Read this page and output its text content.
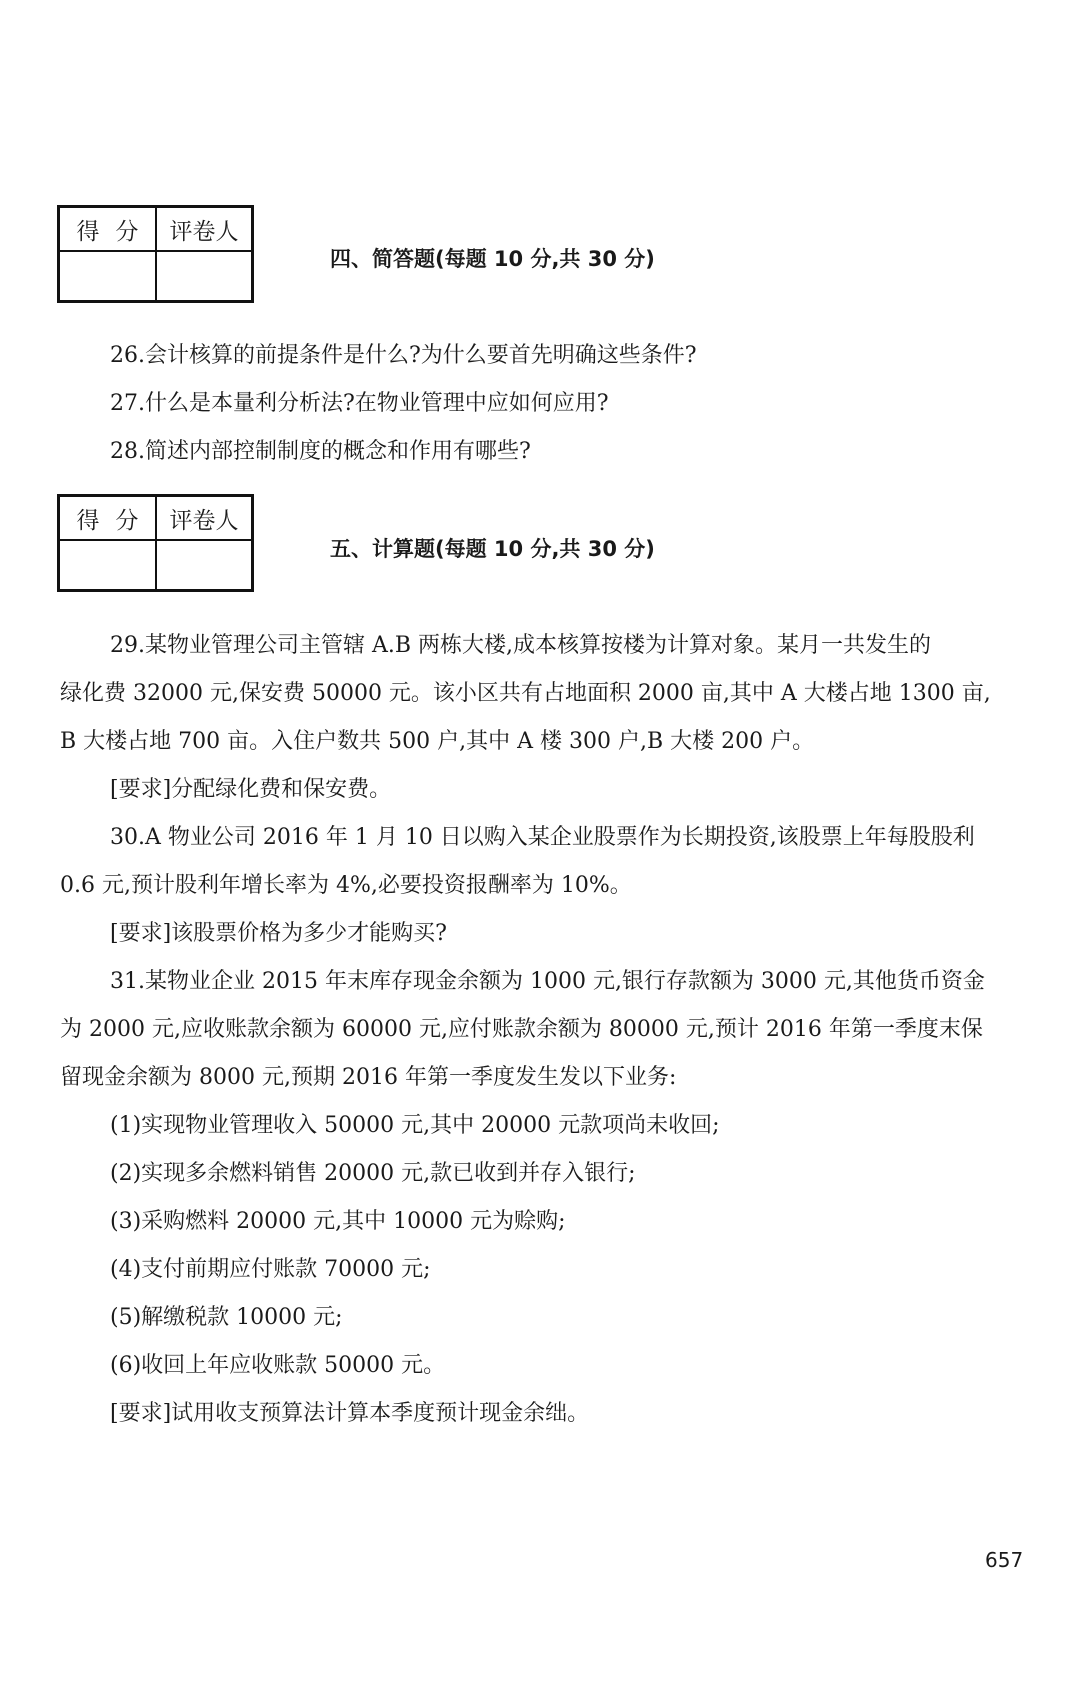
得分 评卷人
四、简答题(每题 10 分,共 30 分)
26.会计核算的前提条件是什么?为什么要首先明确这些条件?
27.什么是本量利分析法?在物业管理中应如何应用?
28.简述内部控制制度的概念和作用有哪些?
得分 评卷人
五、计算题(每题 10 分,共 30 分)
29.某物业管理公司主管辖 A.B 两栋大楼,成本核算按楼为计算对象。某月一共发生的
绿化费 32000 元,保安费 50000 元。该小区共有占地面积 2000 亩,其中 A 大楼占地 1300 亩,
B 大楼占地 700 亩。入住户数共 500 户,其中 A 楼 300 户,B 大楼 200 户。
[要求]分配绿化费和保安费。
30.A 物业公司 2016 年 1 月 10 日以购入某企业股票作为长期投资,该股票上年每股股利
0.6 元,预计股利年增长率为 4%,必要投资报酬率为 10%。
[要求]该股票价格为多少才能购买?
31.某物业企业 2015 年末库存现金余额为 1000 元,银行存款额为 3000 元,其他货币资金
为 2000 元,应收账款余额为 60000 元,应付账款余额为 80000 元,预计 2016 年第一季度末保
留现金余额为 8000 元,预期 2016 年第一季度发生发以下业务:
(1)实现物业管理收入 50000 元,其中 20000 元款项尚未收回;
(2)实现多余燃料销售 20000 元,款已收到并存入银行;
(3)采购燃料 20000 元,其中 10000 元为赊购;
(4)支付前期应付账款 70000 元;
(5)解缴税款 10000 元;
(6)收回上年应收账款 50000 元。
[要求]试用收支预算法计算本季度预计现金余绌。
657
